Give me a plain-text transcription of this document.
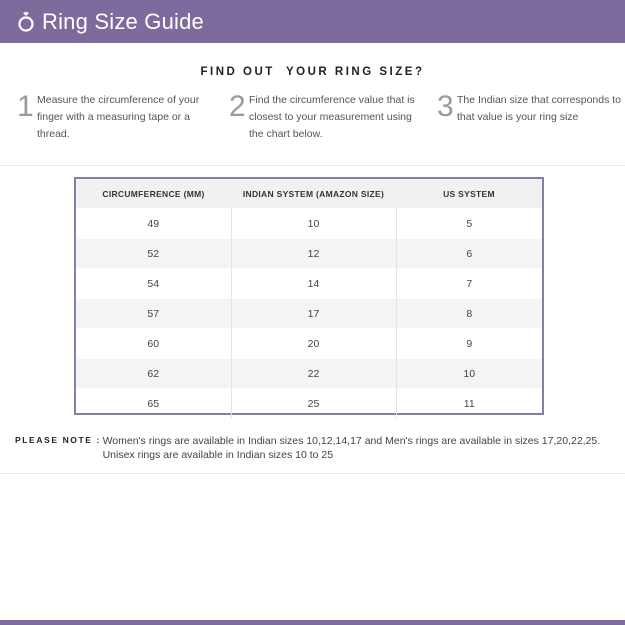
Ring Size Guide
FIND OUT  YOUR RING SIZE?
1 Measure the circumference of your finger with a measuring tape or a thread.
2 Find the circumference value that is closest to your measurement using the chart below.
3 The Indian size that corresponds to that value is your ring size
CIRCUMFERENCE (MM)	INDIAN SYSTEM (AMAZON SIZE)	US SYSTEM
49	10	5
52	12	6
54	14	7
57	17	8
60	20	9
62	22	10
65	25	11
PLEASE NOTE : Women's rings are available in Indian sizes 10,12,14,17 and Men's rings are available in sizes 17,20,22,25. Unisex rings are available in Indian sizes 10 to 25
